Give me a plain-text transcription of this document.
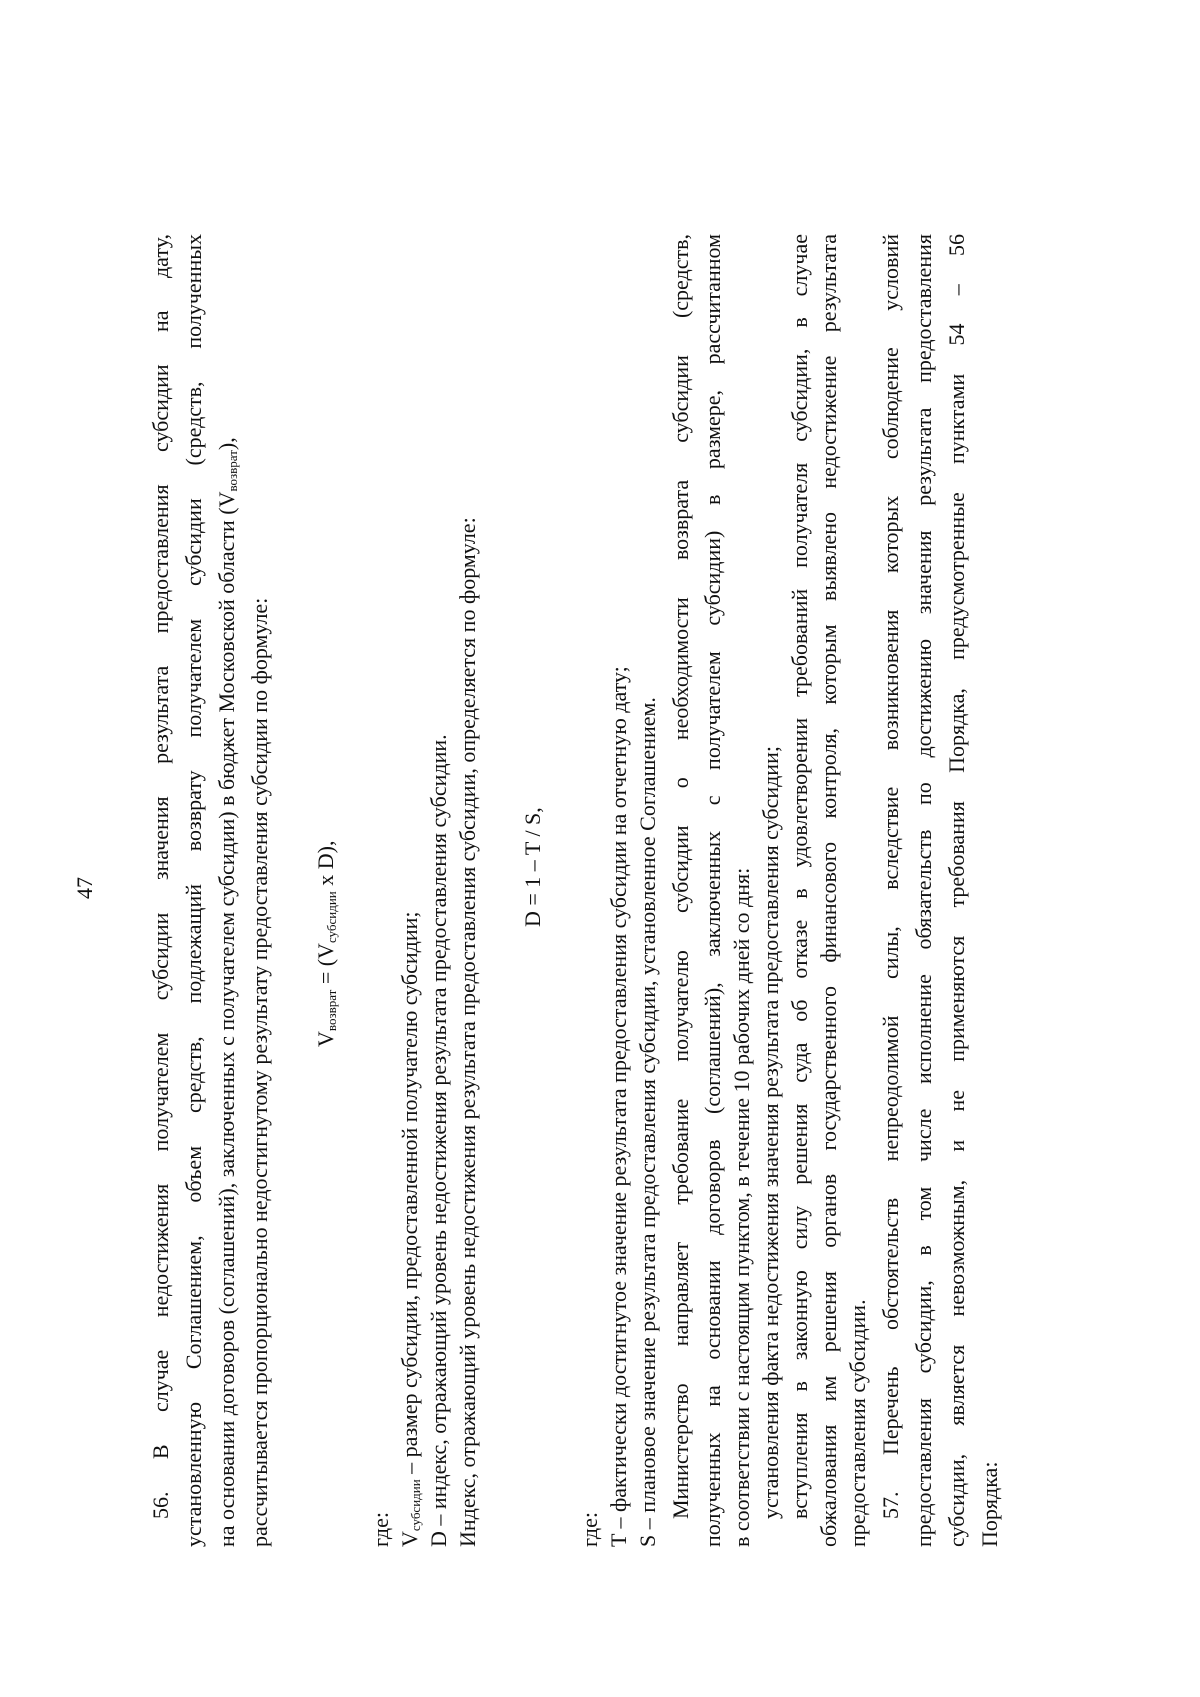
47 56. В случае недостижения получателем субсидии значения результата предоставления субсидии на дату, установленную Соглашением, объем средств, подлежащий возврату получателем субсидии (средств, полученных на основании договоров (соглашений), заключенных с получателем субсидии) в бюджет Московской области $(V_{возврат})$,
рассчитывается пропорционально недостигнутому результату предоставления субсидии по формуле: $V_{возврат} = (V_{субсидии}$ x D),
где: $V_{субсидии}$ – размер субсидии, предоставленной получателю субсидии; D – индекс, отражающий уровень недостижения результата предоставления субсидии. Индекс, отражающий уровень недостижения результата предоставления субсидии, определяется по формуле: D = 1 – T / S,
где: T – фактически достигнутое значение результата предоставления субсидии на отчетную дату; S – плановое значение результата предоставления субсидии, установленное Соглашением. Министерство направляет требование получателю субсидии о необходимости возврата субсидии (средств, полученных на основании договоров (соглашений), заключенных с получателем субсидии) в размере, рассчитанном в соответствии с настоящим пунктом, в течение 10 рабочих дней со дня: установления факта недостижения значения результата предоставления субсидии; вступления в законную силу решения суда об отказе в удовлетворении требований получателя субсидии, в случае обжалования им решения органов государственного финансового контроля, которым выявлено недостижение результата предоставления субсидии. 57. Перечень обстоятельств непреодолимой силы, вследствие возникновения которых соблюдение условий предоставления субсидии, в том числе исполнение обязательств по достижению значения результата предоставления субсидии, является невозможным, и не применяются требования Порядка, предусмотренные пунктами 54 – 56 Порядка:
